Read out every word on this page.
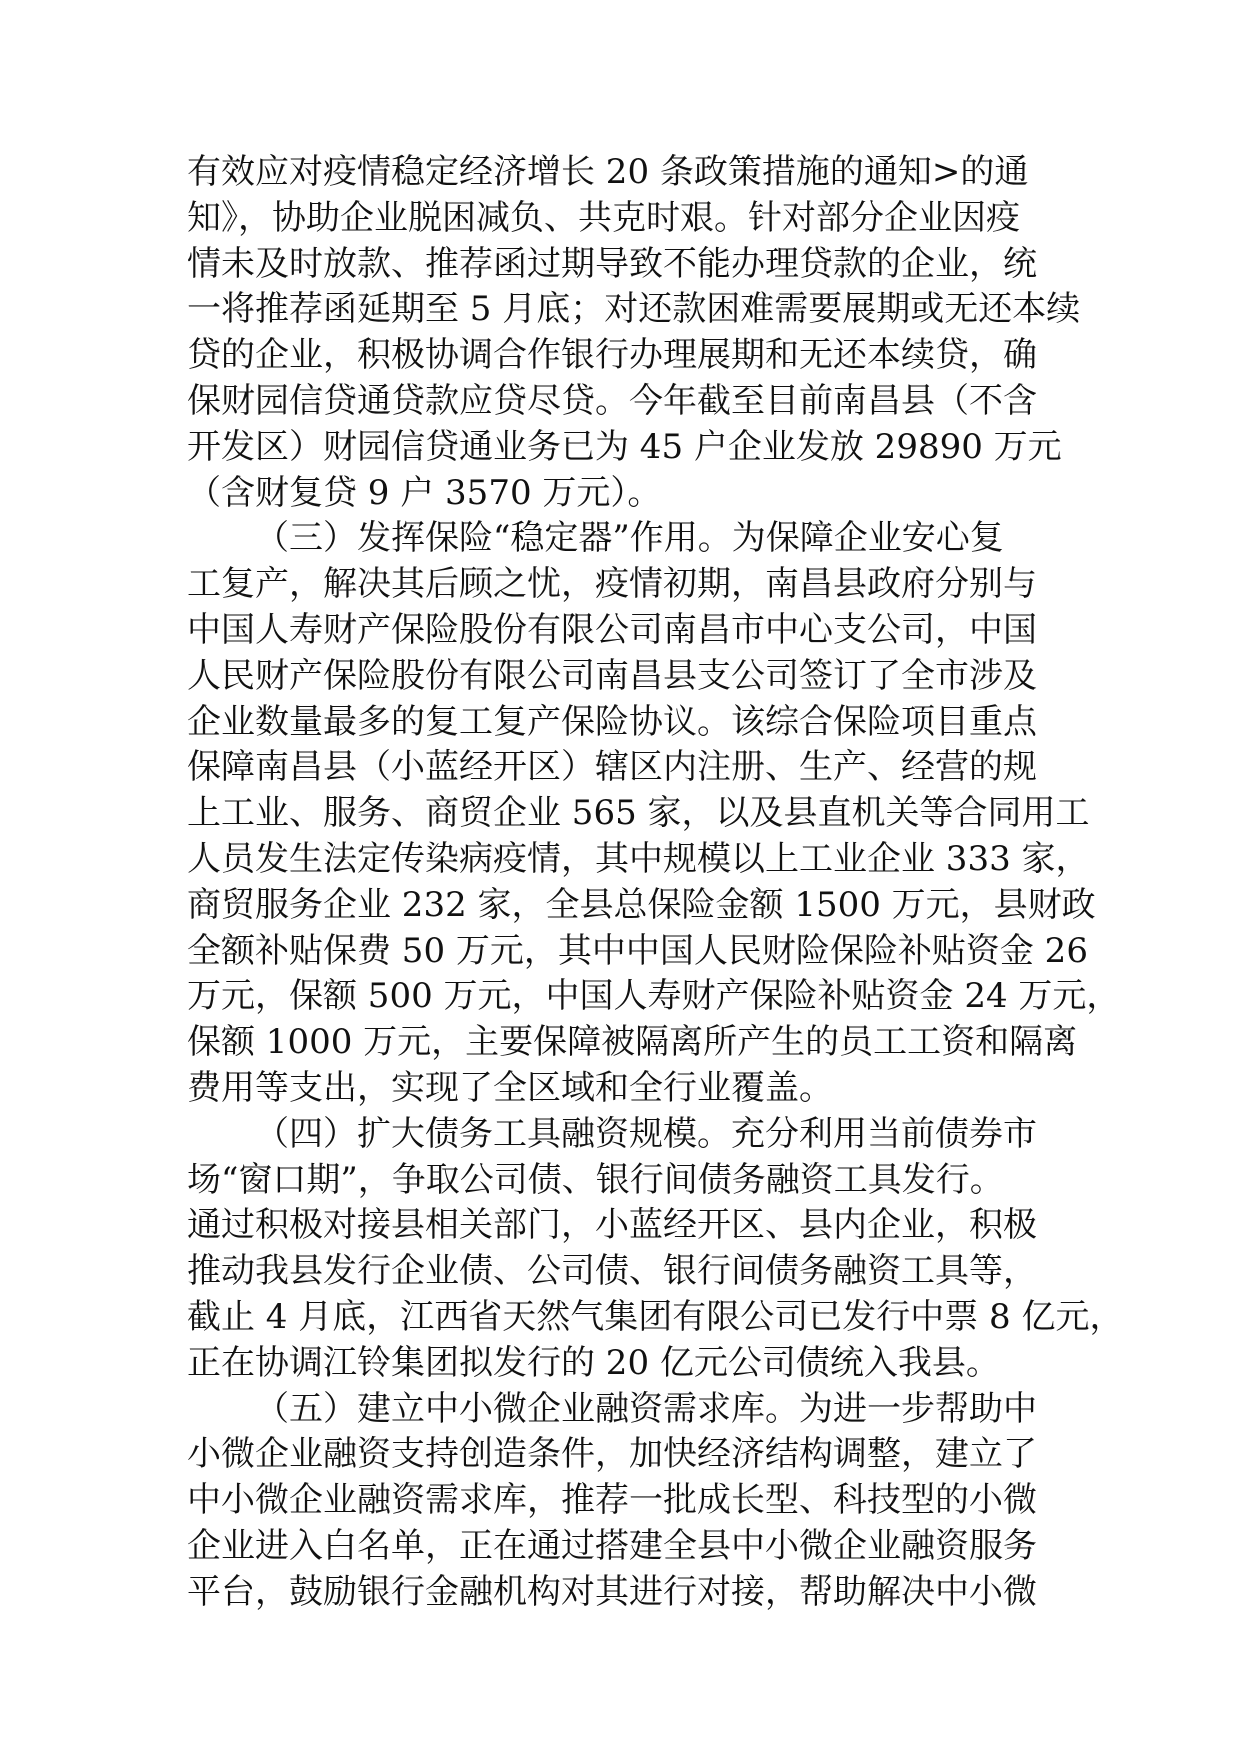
有效应对疫情稳定经济增长 20 条政策措施的通知>的通
知》，协助企业脱困减负、共克时艰。针对部分企业因疫
情未及时放款、推荐函过期导致不能办理贷款的企业，统
一将推荐函延期至 5 月底；对还款困难需要展期或无还本续
贷的企业，积极协调合作银行办理展期和无还本续贷，确
保财园信贷通贷款应贷尽贷。今年截至目前南昌县（不含
开发区）财园信贷通业务已为 45 户企业发放 29890 万元
（含财复贷 9 户 3570 万元）。
（三）发挥保险“稳定器”作用。为保障企业安心复
工复产，解决其后顾之忧，疫情初期，南昌县政府分别与
中国人寿财产保险股份有限公司南昌市中心支公司，中国
人民财产保险股份有限公司南昌县支公司签订了全市涉及
企业数量最多的复工复产保险协议。该综合保险项目重点
保障南昌县（小蓝经开区）辖区内注册、生产、经营的规
上工业、服务、商贸企业 565 家，以及县直机关等合同用工
人员发生法定传染病疫情，其中规模以上工业企业 333 家，
商贸服务企业 232 家，全县总保险金额 1500 万元，县财政
全额补贴保费 50 万元，其中中国人民财险保险补贴资金 26
万元，保额 500 万元，中国人寿财产保险补贴资金 24 万元，
保额 1000 万元，主要保障被隔离所产生的员工工资和隔离
费用等支出，实现了全区域和全行业覆盖。
（四）扩大债务工具融资规模。充分利用当前债券市
场“窗口期”，争取公司债、银行间债务融资工具发行。
通过积极对接县相关部门，小蓝经开区、县内企业，积极
推动我县发行企业债、公司债、银行间债务融资工具等，
截止 4 月底，江西省天然气集团有限公司已发行中票 8 亿元，
正在协调江铃集团拟发行的 20 亿元公司债统入我县。
（五）建立中小微企业融资需求库。为进一步帮助中
小微企业融资支持创造条件，加快经济结构调整，建立了
中小微企业融资需求库，推荐一批成长型、科技型的小微
企业进入白名单，正在通过搭建全县中小微企业融资服务
平台，鼓励银行金融机构对其进行对接，帮助解决中小微
